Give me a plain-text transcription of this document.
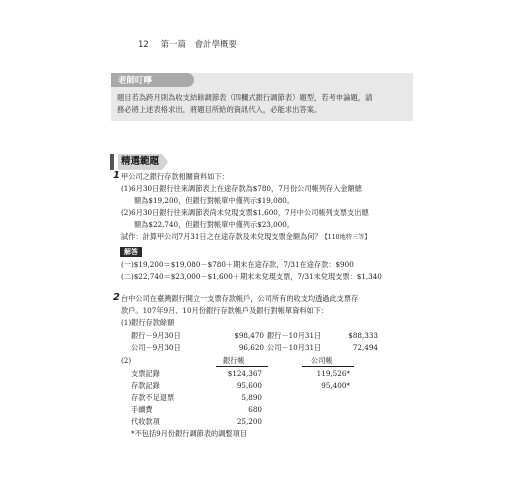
12 第一篇　會計學概要
老師叮嚀
題目若為跨月則為收支結餘調節表（四欄式銀行調節表）題型，若考申論題，請
務必將上述表格求出，將題目所給的資訊代入，必能求出答案。
精選範題
1 甲公司之銀行存款相關資料如下：
(1)6月30日銀行往來調節表上在途存款為$780，7月份公司帳列存入金額總
額為$19,200，但銀行對帳單中僅列示$19,080。
(2)6月30日銀行往來調節表尚未兌現支票$1,600，7月中公司帳列支票支出總
額為$22,740，但銀行對帳單中僅列示$23,000。
試作：計算甲公司7月31日之在途存款及未兌現支票金額為何？【110地特三等】
解答
(一)$19,200＝$19,080－$780＋期末在途存款，7/31在途存款：$900
(二)$22,740＝$23,000－$1,600＋期末未兌現支票，7/31未兌現支票：$1,340
2 台中公司在臺灣銀行開立一支票存款帳戶，公司所有的收支均透過此支票存
款戶。107年9月、10月份銀行存款帳戶及銀行對帳單資料如下：
(1)銀行存款餘額
銀行－9月30日	$98,470 銀行－10月31日	$88,333
公司－9月30日	96,620 公司－10月31日	72,494
(2)	銀行帳	公司帳
支票記錄	$124,367	119,526*
存款記錄	95,600	95,400*
存款不足退票	5,890
手續費	680
代收款項	25,200
*不包括9月份銀行調節表的調整項目
